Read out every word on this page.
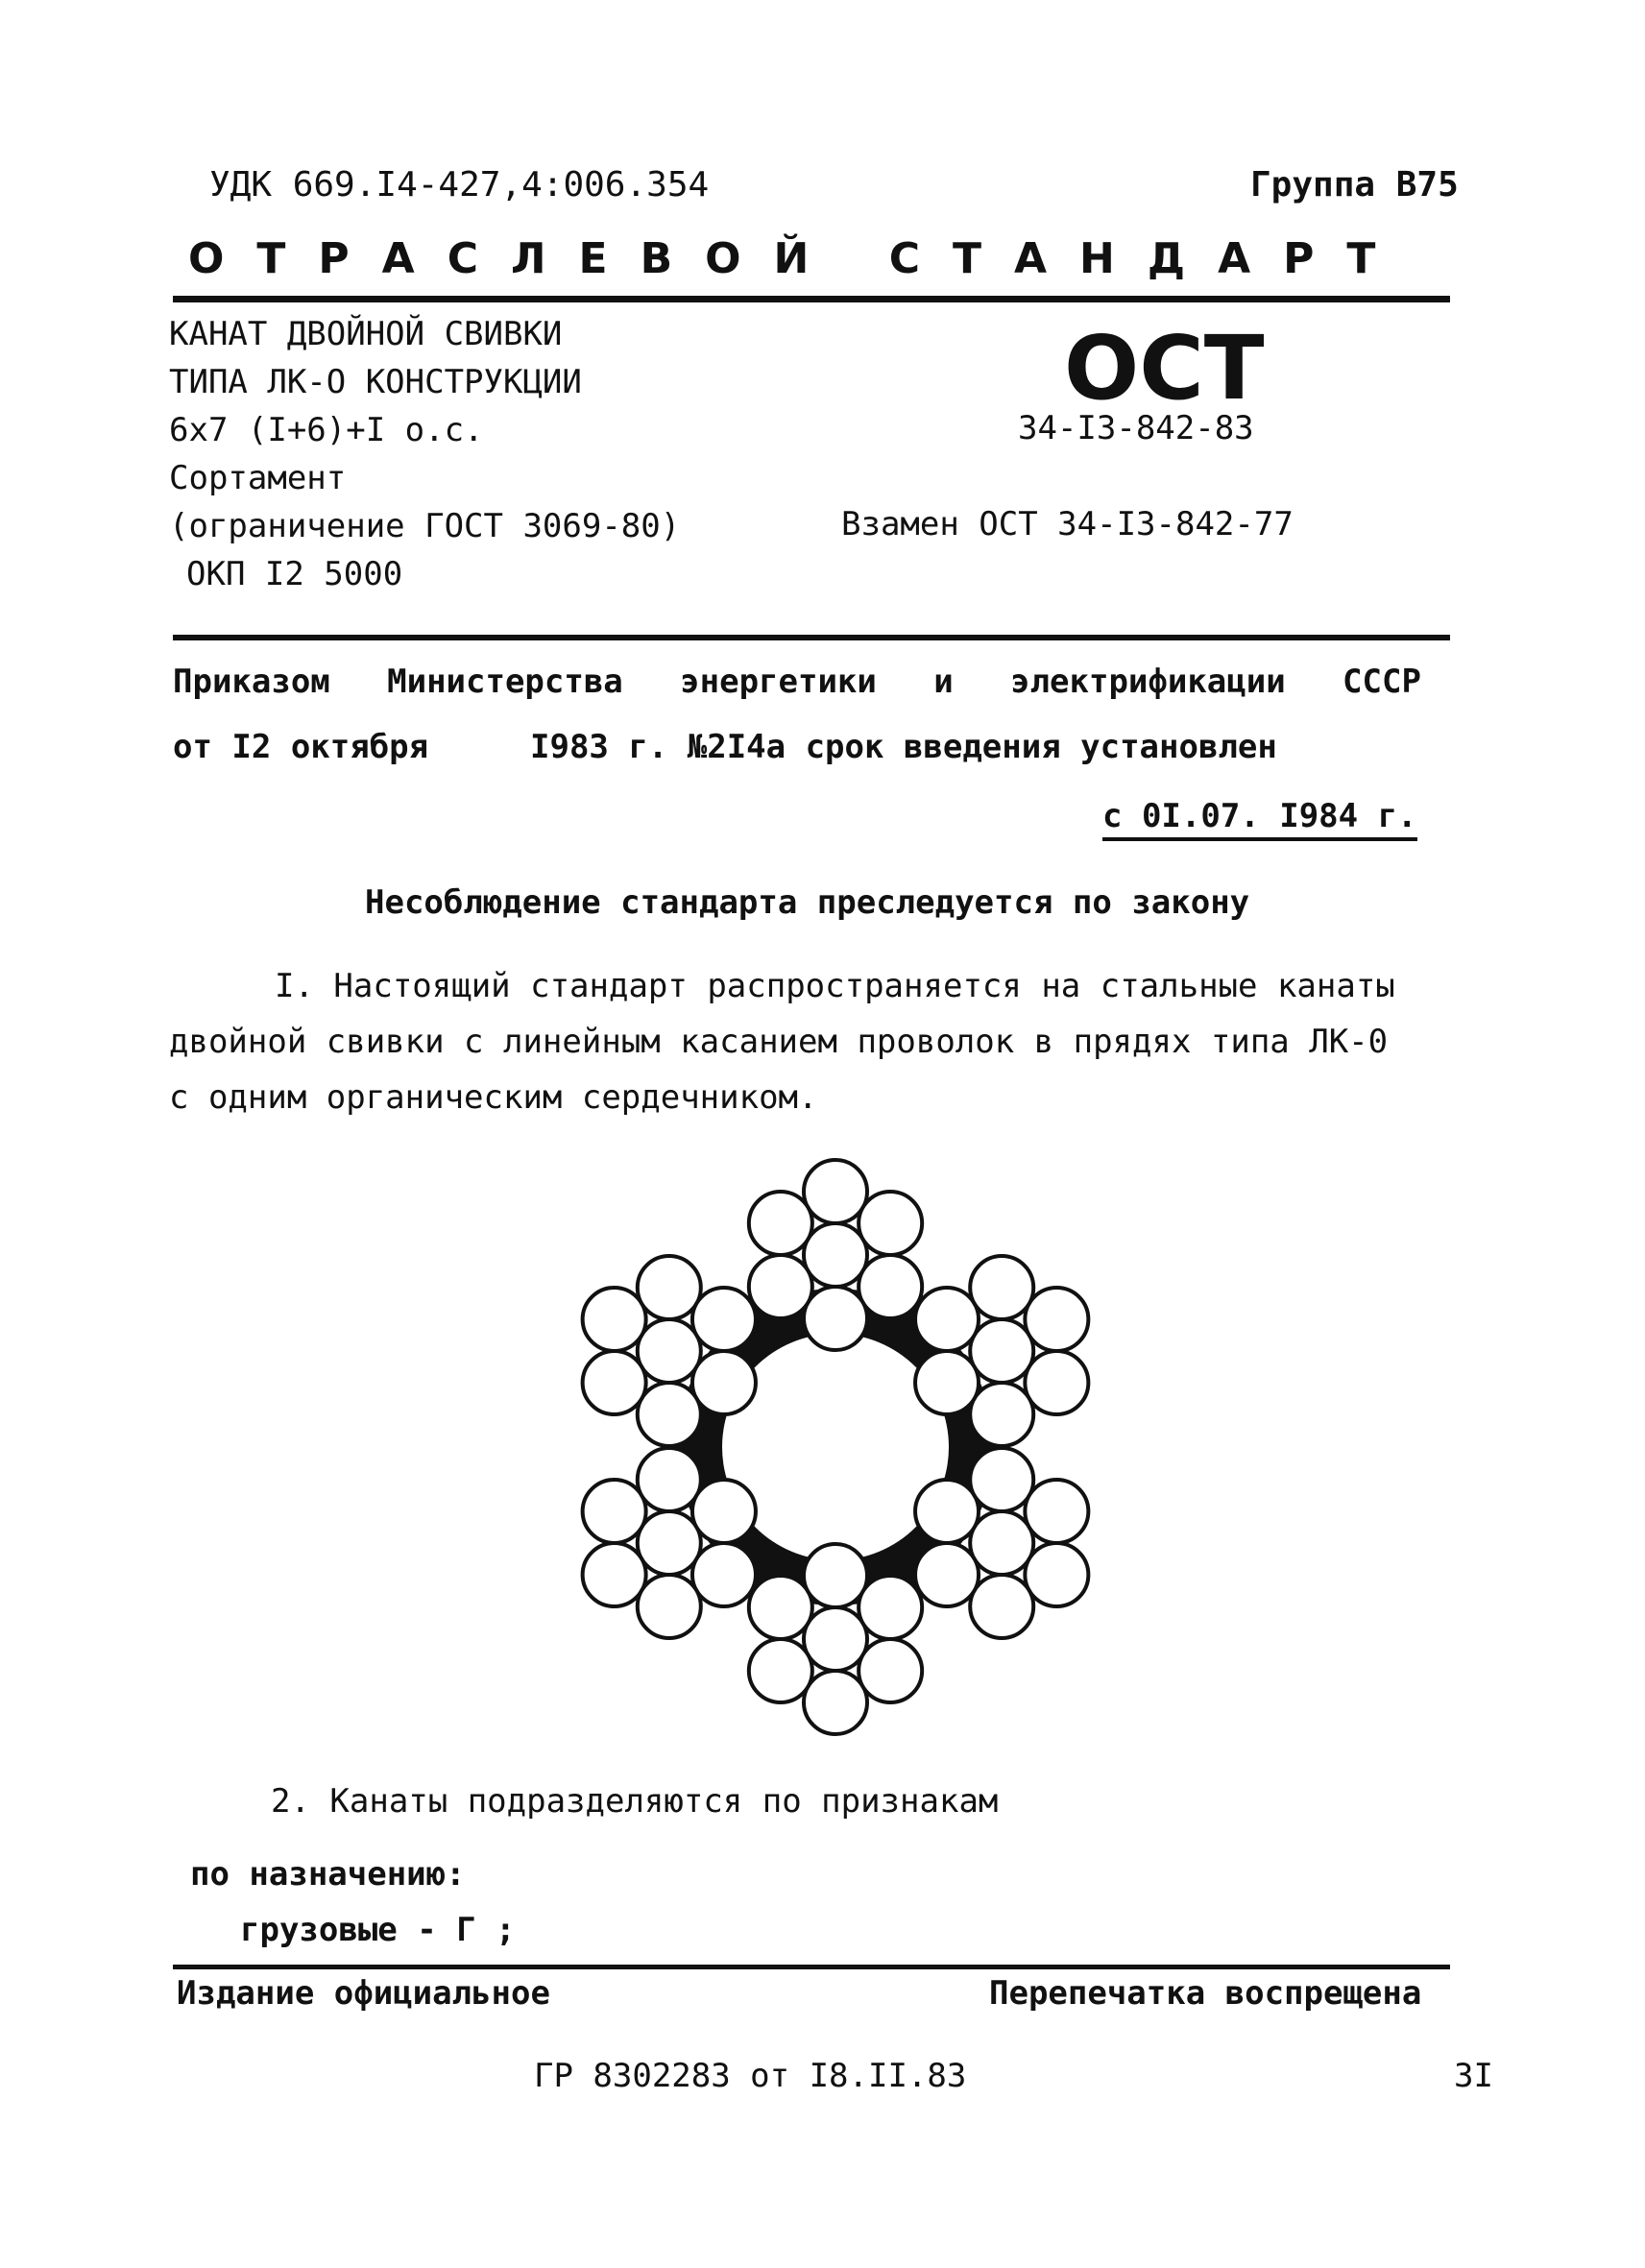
УДК 669.I4-427,4:006.354	Группа В75
ОТРАСЛЕВОЙ СТАНДАРТ
КАНАТ ДВОЙНОЙ СВИВКИ
ТИПА ЛК-О КОНСТРУКЦИИ
6х7 (I+6)+I о.с.
Сортамент
(ограничение ГОСТ 3069-80)
ОКП I2 5000
ОСТ
34-I3-842-83
Взамен ОСТ 34-I3-842-77
Приказом Министерства энергетики и электрификации СССР
от I2 октября	I983 г. №2I4а срок введения установлен
с 0I.07. I984 г.
Несоблюдение стандарта преследуется по закону
I. Настоящий стандарт распространяется на стальные канаты
двойной свивки с линейным касанием проволок в прядях типа ЛК-0
с одним органическим сердечником.
2. Канаты подразделяются по признакам
по назначению:
грузовые - Г ;
Издание официальное	Перепечатка воспрещена
ГР 8302283 от I8.II.83	3I
